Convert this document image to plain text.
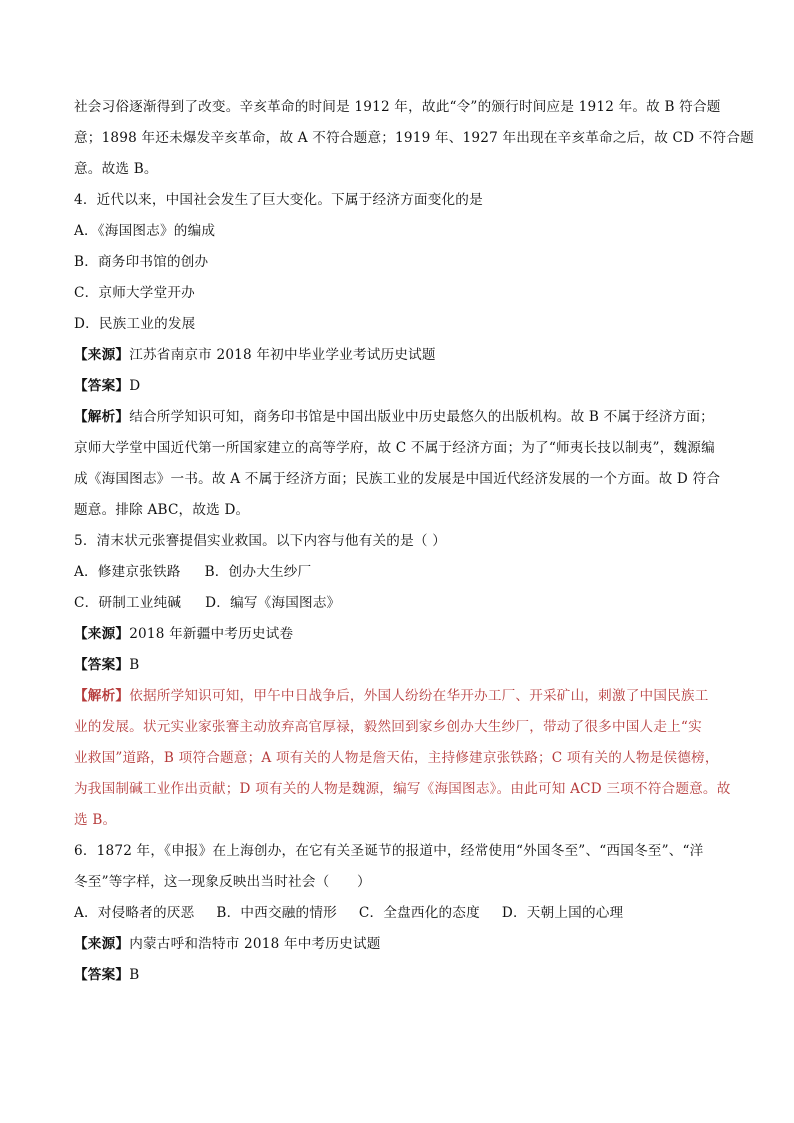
社会习俗逐渐得到了改变。辛亥革命的时间是 1912 年，故此“令”的颁行时间应是 1912 年。故 B 符合题

意；1898 年还未爆发辛亥革命，故 A 不符合题意；1919 年、1927 年出现在辛亥革命之后，故 CD 不符合题

意。故选 B。

4．近代以来，中国社会发生了巨大变化。下属于经济方面变化的是

A．《海国图志》的编成

B．商务印书馆的创办

C．京师大学堂开办

D．民族工业的发展

【来源】江苏省南京市 2018 年初中毕业学业考试历史试题

【答案】D

【解析】结合所学知识可知，商务印书馆是中国出版业中历史最悠久的出版机构。故 B 不属于经济方面；

京师大学堂中国近代第一所国家建立的高等学府，故 C 不属于经济方面；为了“师夷长技以制夷”，魏源编

成《海国图志》一书。故 A 不属于经济方面；民族工业的发展是中国近代经济发展的一个方面。故 D 符合

题意。排除 ABC，故选 D。

5．清末状元张謇提倡实业救国。以下内容与他有关的是（ ）

A．修建京张铁路 B．创办大生纱厂

C．研制工业纯碱 D．编写《海国图志》

【来源】2018 年新疆中考历史试卷

【答案】B

【解析】依据所学知识可知，甲午中日战争后，外国人纷纷在华开办工厂、开采矿山，刺激了中国民族工

业的发展。状元实业家张謇主动放弃高官厚禄，毅然回到家乡创办大生纱厂，带动了很多中国人走上“实

业救国”道路，B 项符合题意；A 项有关的人物是詹天佑，主持修建京张铁路；C 项有关的人物是侯德榜，

为我国制碱工业作出贡献；D 项有关的人物是魏源，编写《海国图志》。由此可知 ACD 三项不符合题意。故

选 B。

6．1872 年，《申报》在上海创办，在它有关圣诞节的报道中，经常使用“外国冬至”、“西国冬至”、“洋

冬至”等字样，这一现象反映出当时社会（　　）

A．对侵略者的厌恶 B．中西交融的情形 C．全盘西化的态度 D．天朝上国的心理

【来源】内蒙古呼和浩特市 2018 年中考历史试题

【答案】B
